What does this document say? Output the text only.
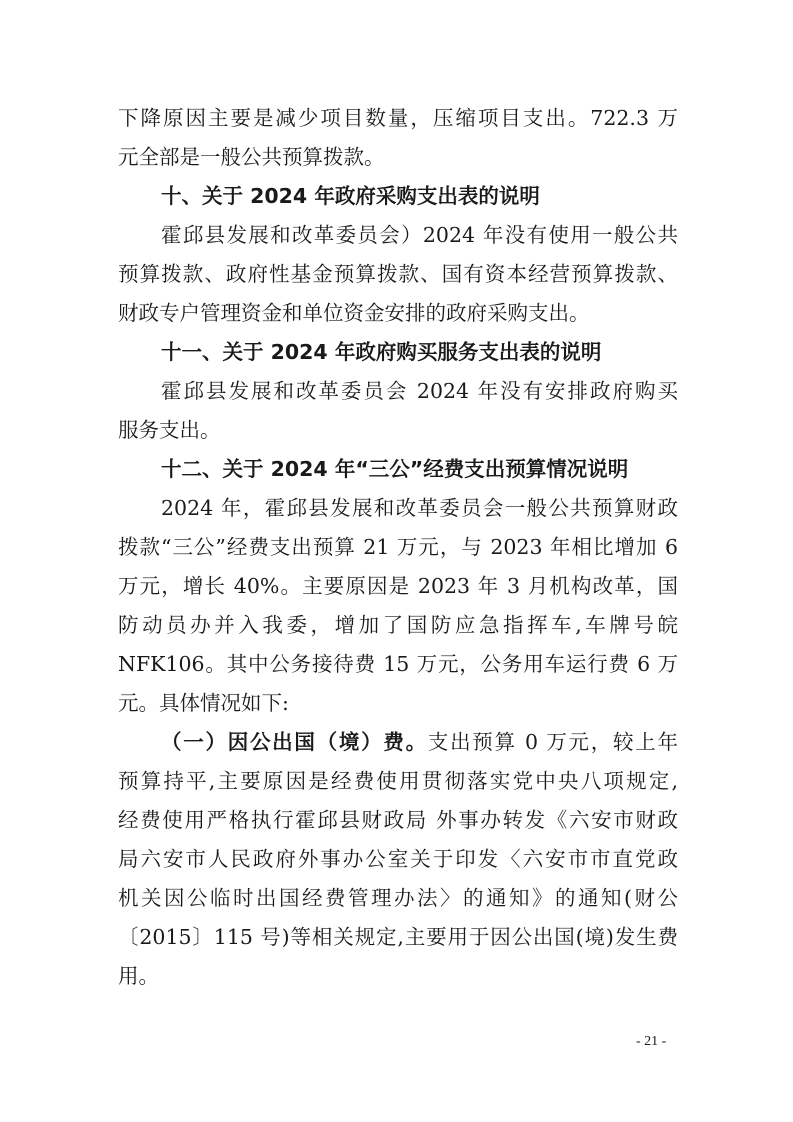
下降原因主要是减少项目数量，压缩项目支出。722.3 万
元全部是一般公共预算拨款。
十、关于 2024 年政府采购支出表的说明
霍邱县发展和改革委员会）2024 年没有使用一般公共
预算拨款、政府性基金预算拨款、国有资本经营预算拨款、
财政专户管理资金和单位资金安排的政府采购支出。
十一、关于 2024 年政府购买服务支出表的说明
霍邱县发展和改革委员会 2024 年没有安排政府购买
服务支出。
十二、关于 2024 年“三公”经费支出预算情况说明
2024 年，霍邱县发展和改革委员会一般公共预算财政
拨款“三公”经费支出预算 21 万元，与 2023 年相比增加 6
万元，增长 40%。主要原因是 2023 年 3 月机构改革，国
防动员办并入我委，增加了国防应急指挥车,车牌号皖
NFK106。其中公务接待费 15 万元，公务用车运行费 6 万
元。具体情况如下:
（一）因公出国（境）费。支出预算 0 万元，较上年
预算持平,主要原因是经费使用贯彻落实党中央八项规定,
经费使用严格执行霍邱县财政局 外事办转发《六安市财政
局六安市人民政府外事办公室关于印发〈六安市市直党政
机关因公临时出国经费管理办法〉的通知》的通知(财公
〔2015〕115 号)等相关规定,主要用于因公出国(境)发生费
用。
- 21 -
